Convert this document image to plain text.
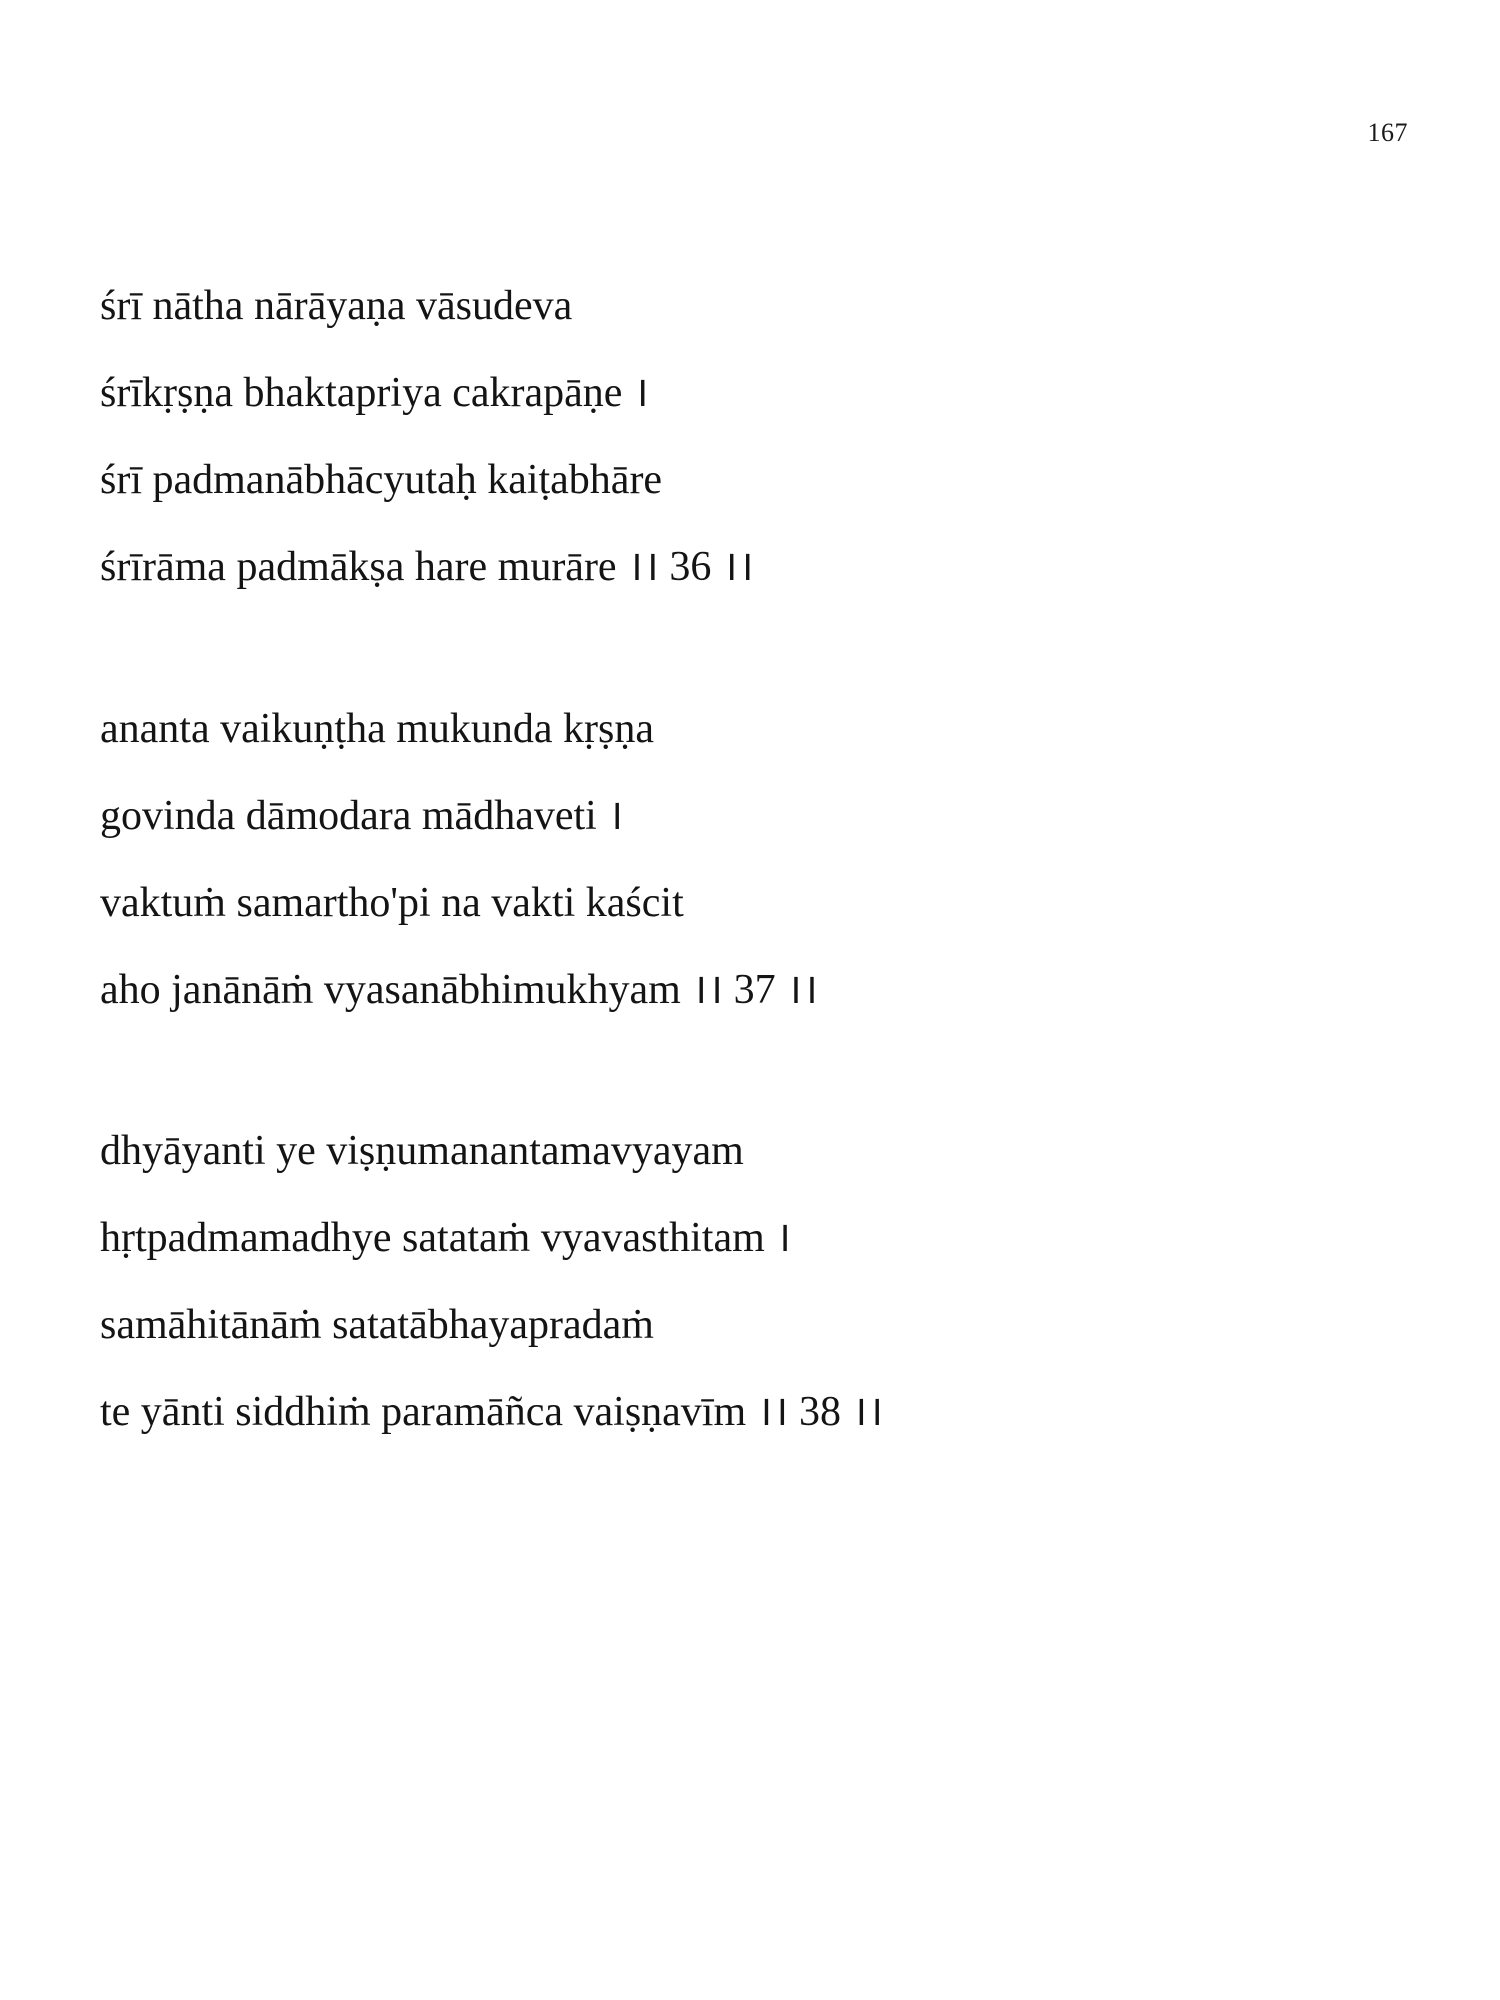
167
śrī nātha nārāyaṇa vāsudeva
śrīkṛṣṇa bhaktapriya cakrapāṇe ।
śrī padmanābhācyutaḥ kaiṭabhāre
śrīrāma padmākṣa hare murāre ।। 36 ।।
ananta vaikuṇṭha mukunda kṛṣṇa
govinda dāmodara mādhaveti ।
vaktuṁ samartho'pi na vakti kaścit
aho janānāṁ vyasanābhimukhyam ।। 37 ।।
dhyāyanti ye viṣṇumanantamavyayam
hṛtpadmamadhye satataṁ vyavasthitam ।
samāhitānāṁ satatābhayapradaṁ
te yānti siddhiṁ paramāñca vaiṣṇavīm ।। 38 ।।
